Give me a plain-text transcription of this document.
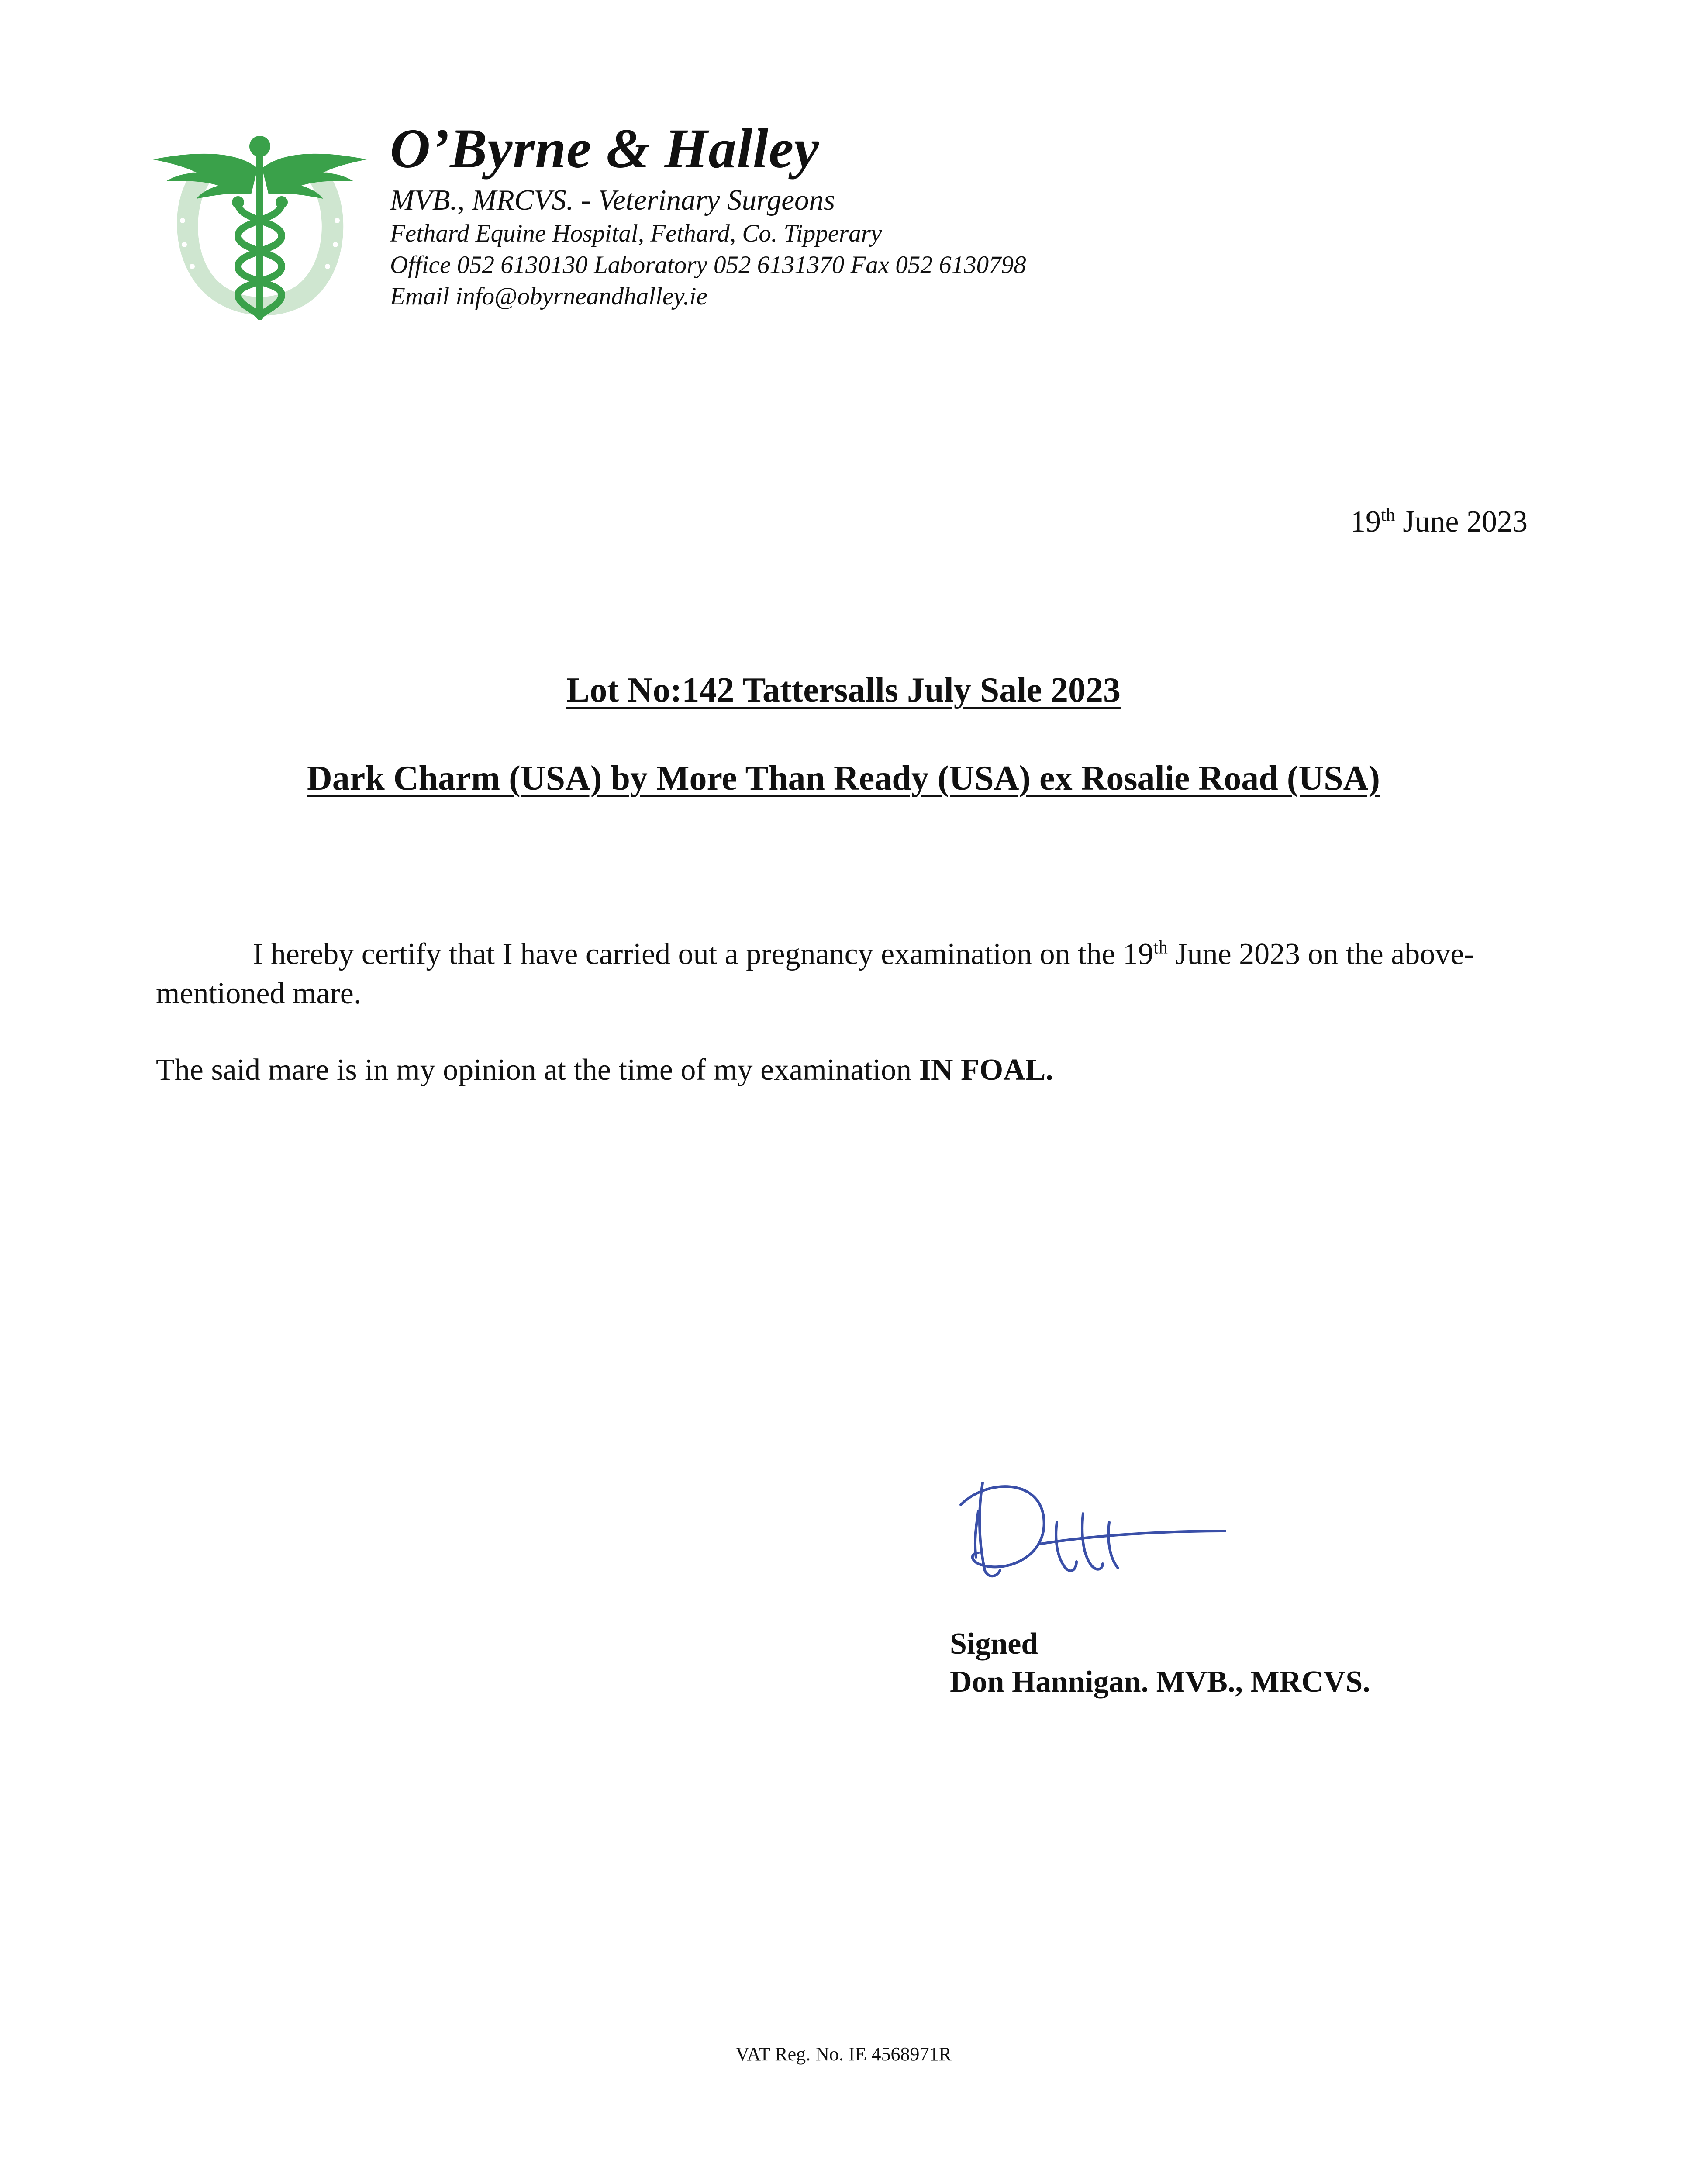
O’Byrne & Halley
MVB., MRCVS. - Veterinary Surgeons
Fethard Equine Hospital, Fethard, Co. Tipperary
Office 052 6130130 Laboratory 052 6131370 Fax 052 6130798
Email info@obyrneandhalley.ie
19th June 2023
Lot No:142 Tattersalls July Sale 2023
Dark Charm (USA) by More Than Ready (USA) ex Rosalie Road (USA)
I hereby certify that I have carried out a pregnancy examination on the 19th June 2023 on the above-mentioned mare.
The said mare is in my opinion at the time of my examination IN FOAL.
Signed
Don Hannigan. MVB., MRCVS.
VAT Reg. No. IE 4568971R
